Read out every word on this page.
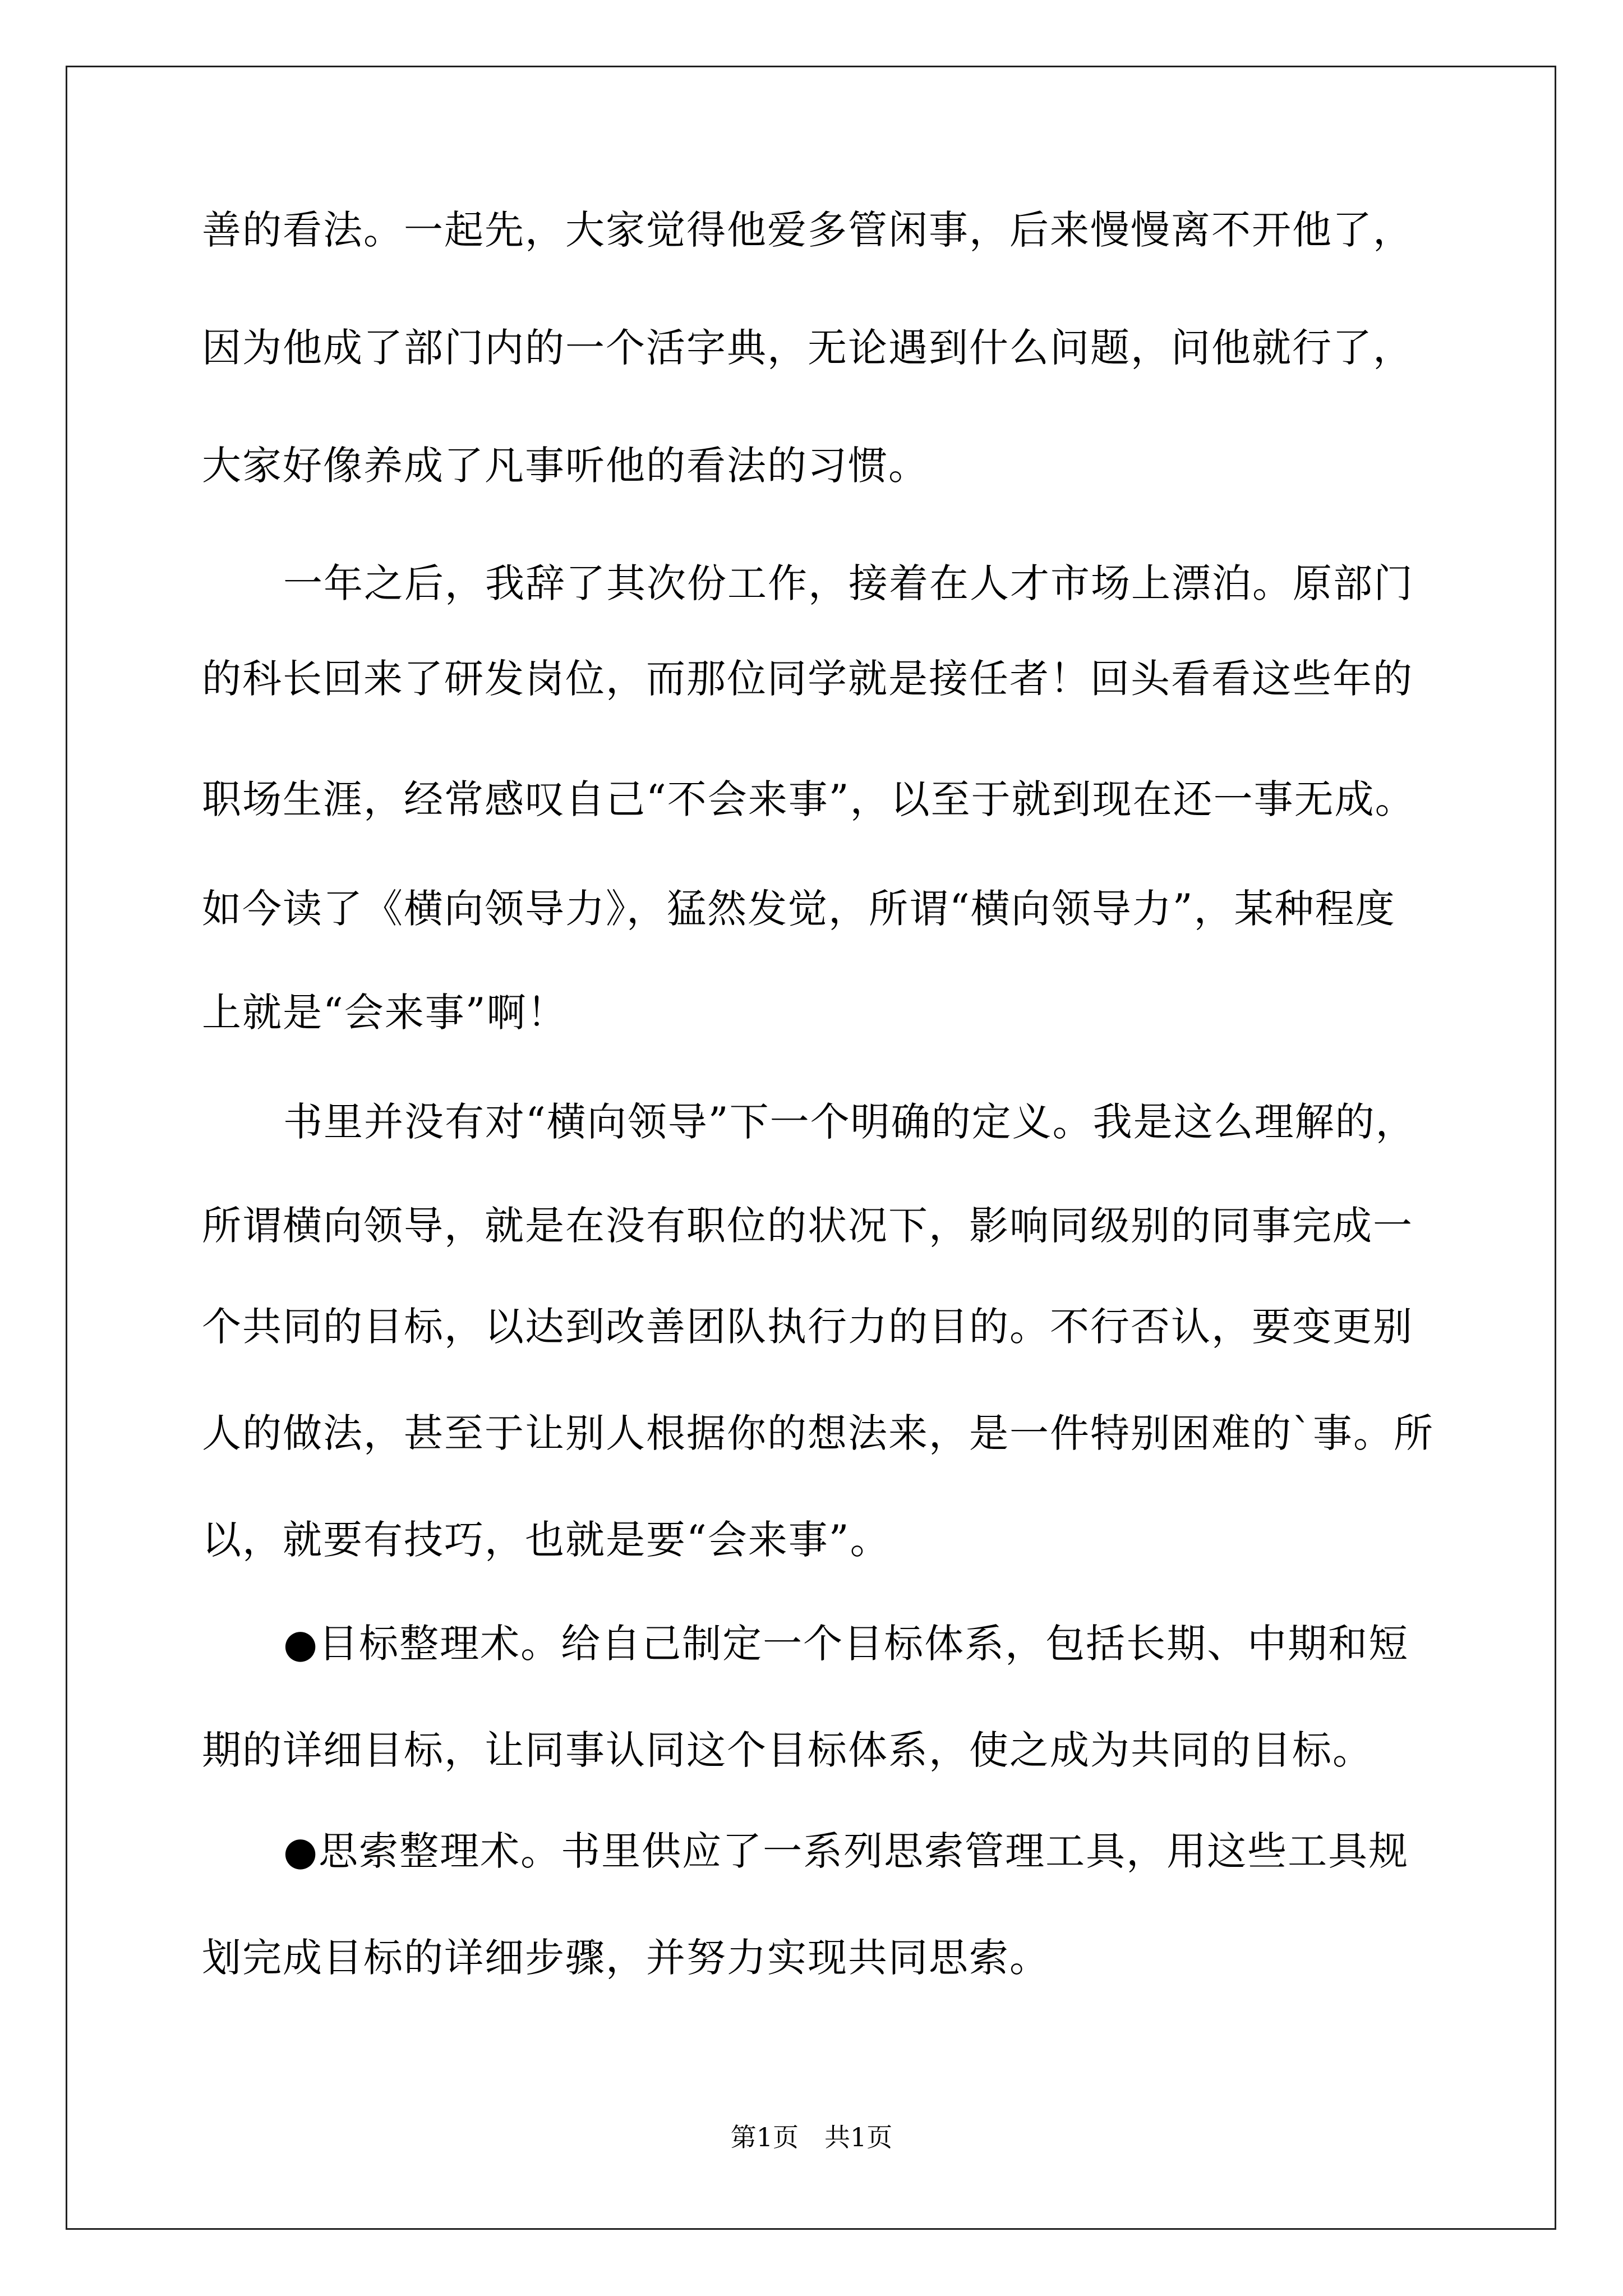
善的看法。一起先，大家觉得他爱多管闲事，后来慢慢离不开他了，
因为他成了部门内的一个活字典，无论遇到什么问题，问他就行了，
大家好像养成了凡事听他的看法的习惯。
一年之后，我辞了其次份工作，接着在人才市场上漂泊。原部门
的科长回来了研发岗位，而那位同学就是接任者！回头看看这些年的
职场生涯，经常感叹自己“不会来事”，以至于就到现在还一事无成。
如今读了《横向领导力》，猛然发觉，所谓“横向领导力”，某种程度
上就是“会来事”啊！
书里并没有对“横向领导”下一个明确的定义。我是这么理解的，
所谓横向领导，就是在没有职位的状况下，影响同级别的同事完成一
个共同的目标，以达到改善团队执行力的目的。不行否认，要变更别
人的做法，甚至于让别人根据你的想法来，是一件特别困难的`事。所
以，就要有技巧，也就是要“会来事”。
●目标整理术。给自己制定一个目标体系，包括长期、中期和短
期的详细目标，让同事认同这个目标体系，使之成为共同的目标。
●思索整理术。书里供应了一系列思索管理工具，用这些工具规
划完成目标的详细步骤，并努力实现共同思索。
第1页　共1页
